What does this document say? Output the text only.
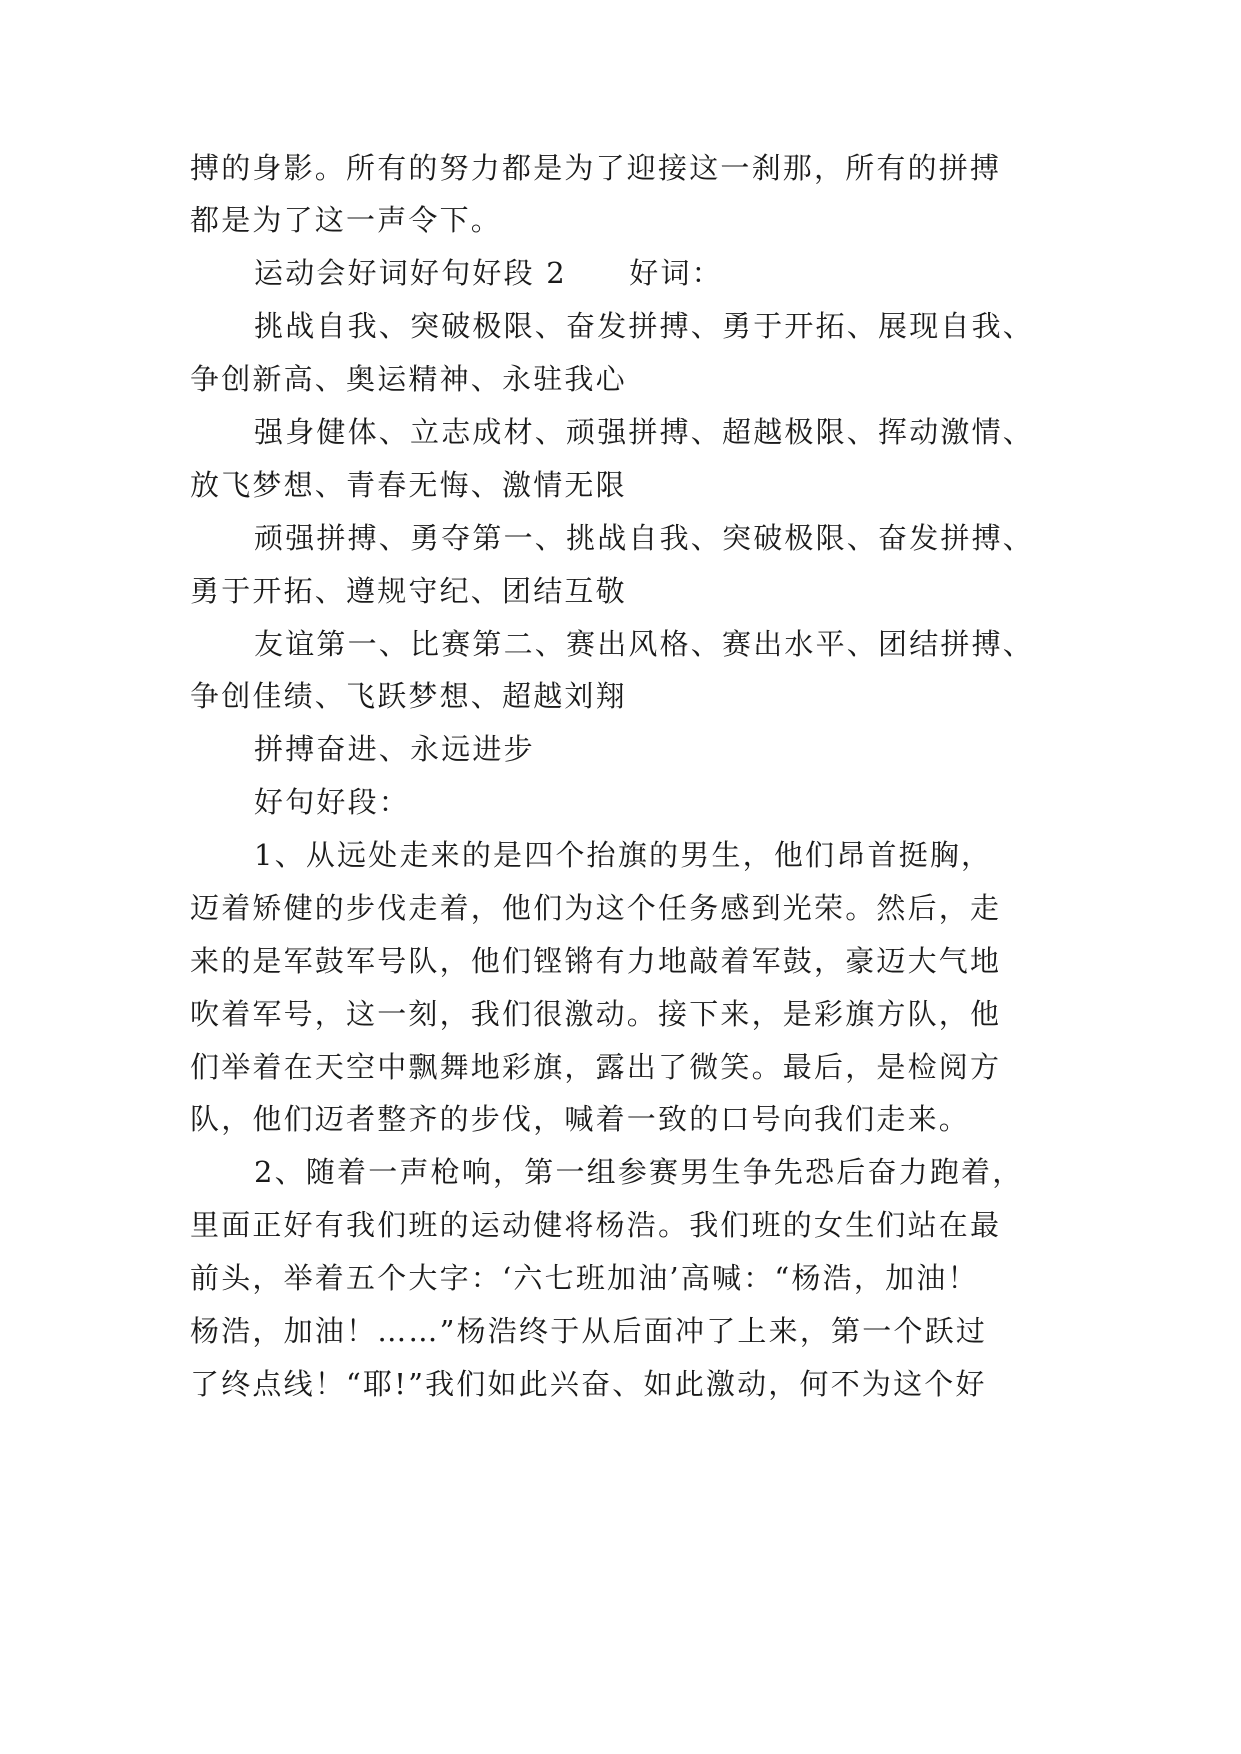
搏的身影。所有的努力都是为了迎接这一刹那，所有的拼搏
都是为了这一声令下。
运动会好词好句好段 2　　好词：
挑战自我、突破极限、奋发拼搏、勇于开拓、展现自我、
争创新高、奥运精神、永驻我心
强身健体、立志成材、顽强拼搏、超越极限、挥动激情、
放飞梦想、青春无悔、激情无限
顽强拼搏、勇夺第一、挑战自我、突破极限、奋发拼搏、
勇于开拓、遵规守纪、团结互敬
友谊第一、比赛第二、赛出风格、赛出水平、团结拼搏、
争创佳绩、飞跃梦想、超越刘翔
拼搏奋进、永远进步
好句好段：
1、从远处走来的是四个抬旗的男生，他们昂首挺胸，
迈着矫健的步伐走着，他们为这个任务感到光荣。然后，走
来的是军鼓军号队，他们铿锵有力地敲着军鼓，豪迈大气地
吹着军号，这一刻，我们很激动。接下来，是彩旗方队，他
们举着在天空中飘舞地彩旗，露出了微笑。最后，是检阅方
队，他们迈者整齐的步伐，喊着一致的口号向我们走来。
2、随着一声枪响，第一组参赛男生争先恐后奋力跑着，
里面正好有我们班的运动健将杨浩。我们班的女生们站在最
前头，举着五个大字：‘六七班加油’高喊：“杨浩，加油！
杨浩，加油！……”杨浩终于从后面冲了上来，第一个跃过
了终点线！“耶!”我们如此兴奋、如此激动，何不为这个好
